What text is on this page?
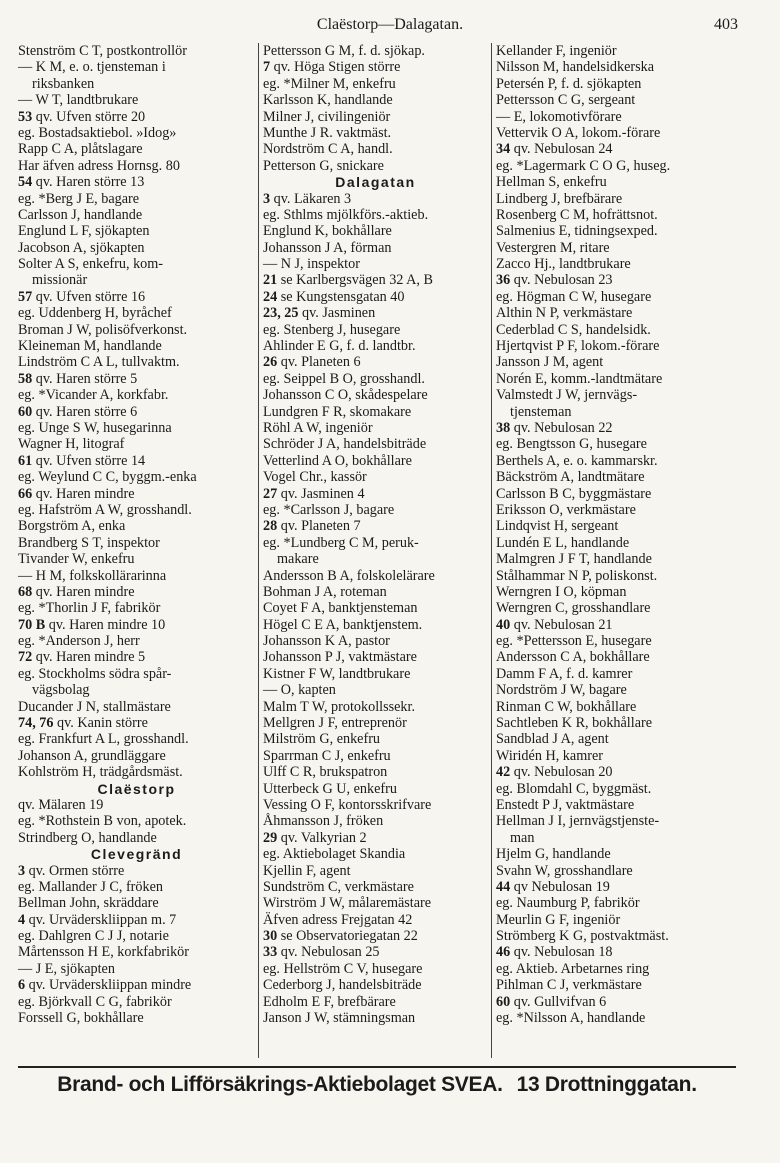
Claëstorp—Dalagatan.	403
Stenström C T, postkontrollör
— K M, e. o. tjensteman i
riksbanken
— W T, landtbrukare
53 qv. Ufven större 20
eg. Bostadsaktiebol. »Idog»
Rapp C A, plåtslagare
Har äfven adress Hornsg. 80
54 qv. Haren större 13
eg. *Berg J E, bagare
Carlsson J, handlande
Englund L F, sjökapten
Jacobson A, sjökapten
Solter A S, enkefru, kom-
missionär
57 qv. Ufven större 16
eg. Uddenberg H, byråchef
Broman J W, polisöfverkonst.
Kleineman M, handlande
Lindström C A L, tullvaktm.
58 qv. Haren större 5
eg. *Vicander A, korkfabr.
60 qv. Haren större 6
eg. Unge S W, husegarinna
Wagner H, litograf
61 qv. Ufven större 14
eg. Weylund C C, byggm.-enka
66 qv. Haren mindre
eg. Hafström A W, grosshandl.
Borgström A, enka
Brandberg S T, inspektor
Tivander W, enkefru
— H M, folkskollärarinna
68 qv. Haren mindre
eg. *Thorlin J F, fabrikör
70 B qv. Haren mindre 10
eg. *Anderson J, herr
72 qv. Haren mindre 5
eg. Stockholms södra spår-
vägsbolag
Ducander J N, stallmästare
74, 76 qv. Kanin större
eg. Frankfurt A L, grosshandl.
Johanson A, grundläggare
Kohlström H, trädgårdsmäst.
Claëstorp
qv. Mälaren 19
eg. *Rothstein B von, apotek.
Strindberg O, handlande
Clevegränd
3 qv. Ormen större
eg. Mallander J C, fröken
Bellman John, skräddare
4 qv. Urväderskliippan m. 7
eg. Dahlgren C J J, notarie
Mårtensson H E, korkfabrikör
— J E, sjökapten
6 qv. Urväderskliippan mindre
eg. Björkvall C G, fabrikör
Forssell G, bokhållare
Pettersson G M, f. d. sjökap.
7 qv. Höga Stigen större
eg. *Milner M, enkefru
Karlsson K, handlande
Milner J, civilingeniör
Munthe J R. vaktmäst.
Nordström C A, handl.
Petterson G, snickare
Dalagatan
3 qv. Läkaren 3
eg. Sthlms mjölkförs.-aktieb.
Englund K, bokhållare
Johansson J A, förman
— N J, inspektor
21 se Karlbergsvägen 32 A, B
24 se Kungstensgatan 40
23, 25 qv. Jasminen
eg. Stenberg J, husegare
Ahlinder E G, f. d. landtbr.
26 qv. Planeten 6
eg. Seippel B O, grosshandl.
Johansson C O, skådespelare
Lundgren F R, skomakare
Röhl A W, ingeniör
Schröder J A, handelsbiträde
Vetterlind A O, bokhållare
Vogel Chr., kassör
27 qv. Jasminen 4
eg. *Carlsson J, bagare
28 qv. Planeten 7
eg. *Lundberg C M, peruk-
makare
Andersson B A, folskolelärare
Bohman J A, roteman
Coyet F A, banktjensteman
Högel C E A, banktjenstem.
Johansson K A, pastor
Johansson P J, vaktmästare
Kistner F W, landtbrukare
— O, kapten
Malm T W, protokollssekr.
Mellgren J F, entreprenör
Milström G, enkefru
Sparrman C J, enkefru
Ulff C R, brukspatron
Utterbeck G U, enkefru
Vessing O F, kontorsskrifvare
Åhmansson J, fröken
29 qv. Valkyrian 2
eg. Aktiebolaget Skandia
Kjellin F, agent
Sundström C, verkmästare
Wirström J W, målaremästare
Äfven adress Frejgatan 42
30 se Observatoriegatan 22
33 qv. Nebulosan 25
eg. Hellström C V, husegare
Cederborg J, handelsbiträde
Edholm E F, brefbärare
Janson J W, stämningsman
Kellander F, ingeniör
Nilsson M, handelsidkerska
Petersén P, f. d. sjökapten
Pettersson C G, sergeant
— E, lokomotivförare
Vettervik O A, lokom.-förare
34 qv. Nebulosan 24
eg. *Lagermark C O G, huseg.
Hellman S, enkefru
Lindberg J, brefbärare
Rosenberg C M, hofrättsnot.
Salmenius E, tidningsexped.
Vestergren M, ritare
Zacco Hj., landtbrukare
36 qv. Nebulosan 23
eg. Högman C W, husegare
Althin N P, verkmästare
Cederblad C S, handelsidk.
Hjertqvist P F, lokom.-förare
Jansson J M, agent
Norén E, komm.-landtmätare
Valmstedt J W, jernvägs-
tjensteman
38 qv. Nebulosan 22
eg. Bengtsson G, husegare
Berthels A, e. o. kammarskr.
Bäckström A, landtmätare
Carlsson B C, byggmästare
Eriksson O, verkmästare
Lindqvist H, sergeant
Lundén E L, handlande
Malmgren J F T, handlande
Stålhammar N P, poliskonst.
Werngren I O, köpman
Werngren C, grosshandlare
40 qv. Nebulosan 21
eg. *Pettersson E, husegare
Andersson C A, bokhållare
Damm F A, f. d. kamrer
Nordström J W, bagare
Rinman C W, bokhållare
Sachtleben K R, bokhållare
Sandblad J A, agent
Wiridén H, kamrer
42 qv. Nebulosan 20
eg. Blomdahl C, byggmäst.
Enstedt P J, vaktmästare
Hellman J I, jernvägstjenste-
man
Hjelm G, handlande
Svahn W, grosshandlare
44 qv Nebulosan 19
eg. Naumburg P, fabrikör
Meurlin G F, ingeniör
Strömberg K G, postvaktmäst.
46 qv. Nebulosan 18
eg. Aktieb. Arbetarnes ring
Pihlman C J, verkmästare
60 qv. Gullvifvan 6
eg. *Nilsson A, handlande
Brand- och Lifförsäkrings-Aktiebolaget SVEA. 13 Drottninggatan.
